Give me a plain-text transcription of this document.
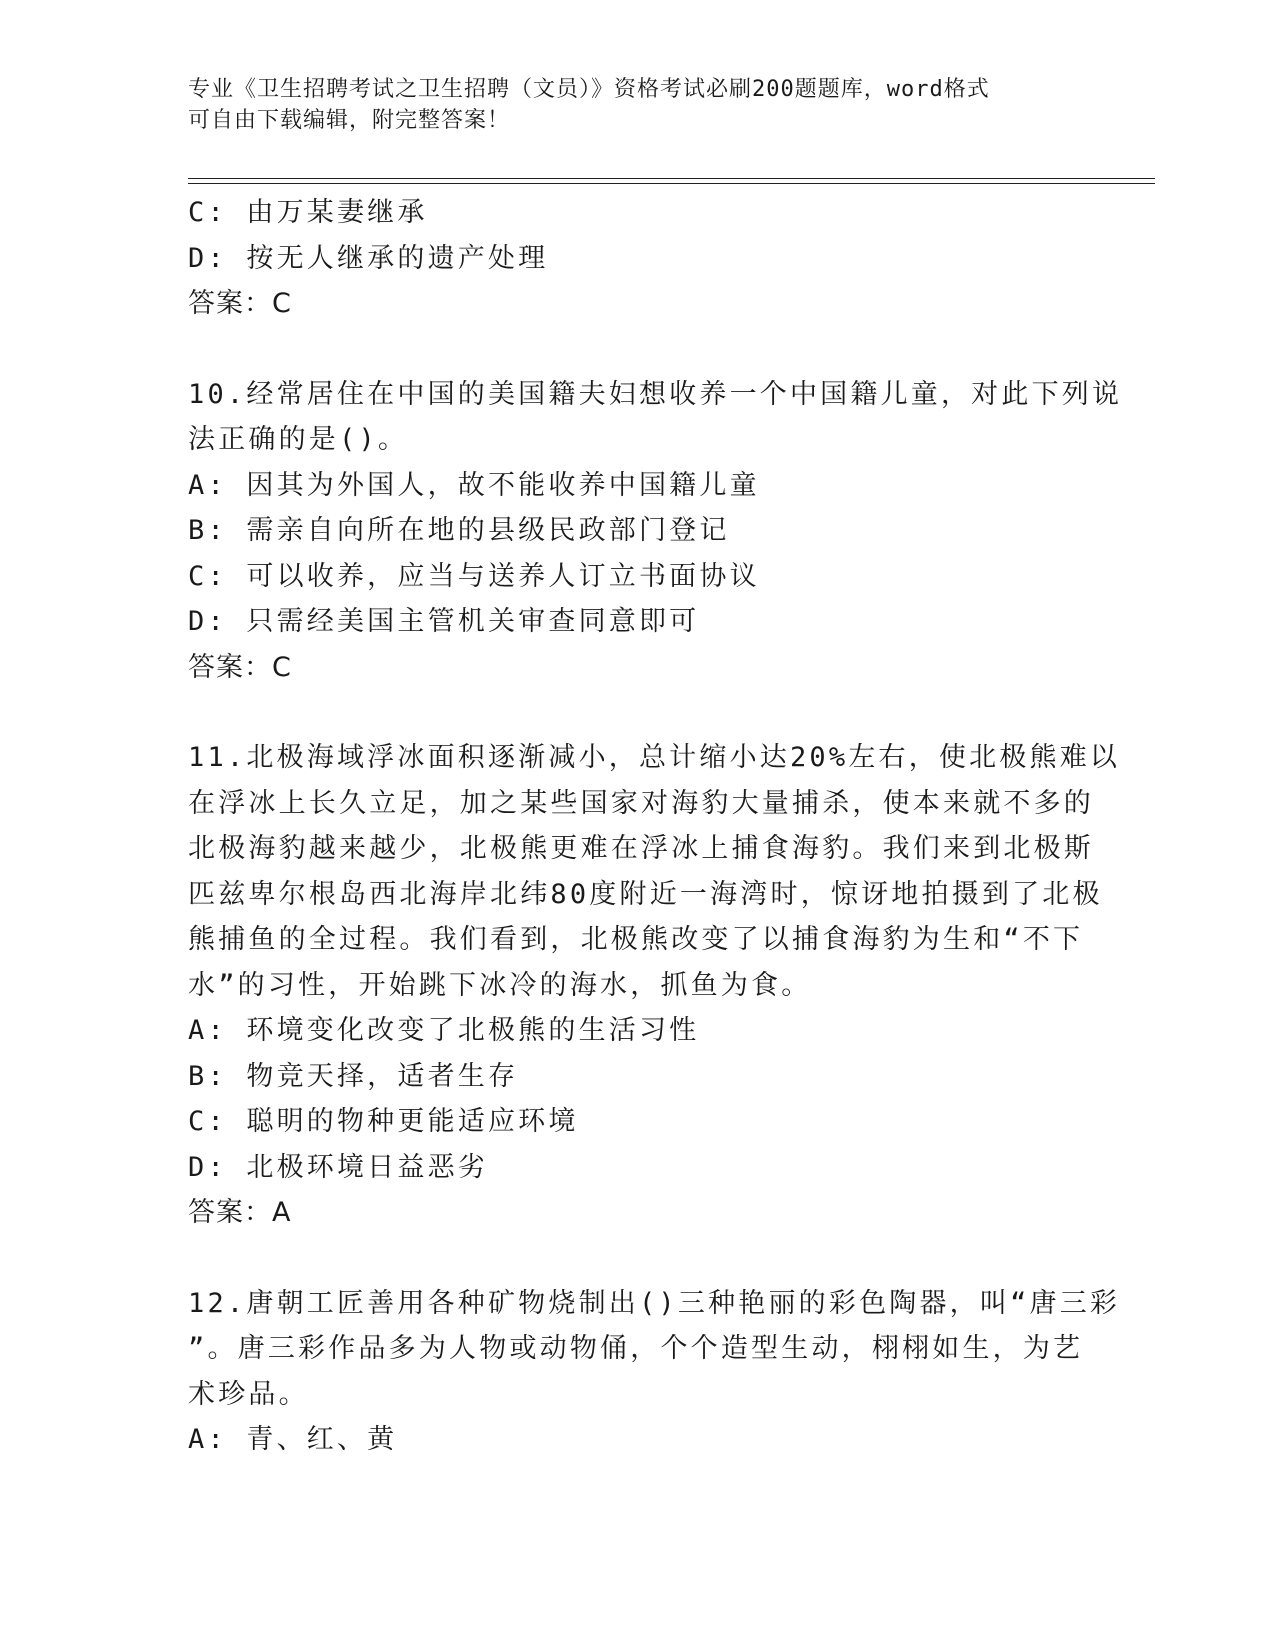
专业《卫生招聘考试之卫生招聘（文员）》资格考试必刷200题题库，word格式
可自由下载编辑，附完整答案！
C: 由万某妻继承
D: 按无人继承的遗产处理
答案：C
10.经常居住在中国的美国籍夫妇想收养一个中国籍儿童，对此下列说
法正确的是()。
A: 因其为外国人，故不能收养中国籍儿童
B: 需亲自向所在地的县级民政部门登记
C: 可以收养，应当与送养人订立书面协议
D: 只需经美国主管机关审查同意即可
答案：C
11.北极海域浮冰面积逐渐减小，总计缩小达20%左右，使北极熊难以
在浮冰上长久立足，加之某些国家对海豹大量捕杀，使本来就不多的
北极海豹越来越少，北极熊更难在浮冰上捕食海豹。我们来到北极斯
匹兹卑尔根岛西北海岸北纬80度附近一海湾时，惊讶地拍摄到了北极
熊捕鱼的全过程。我们看到，北极熊改变了以捕食海豹为生和“不下
水”的习性，开始跳下冰冷的海水，抓鱼为食。
A: 环境变化改变了北极熊的生活习性
B: 物竞天择，适者生存
C: 聪明的物种更能适应环境
D: 北极环境日益恶劣
答案：A
12.唐朝工匠善用各种矿物烧制出()三种艳丽的彩色陶器，叫“唐三彩
”。唐三彩作品多为人物或动物俑，个个造型生动，栩栩如生，为艺
术珍品。
A: 青、红、黄
